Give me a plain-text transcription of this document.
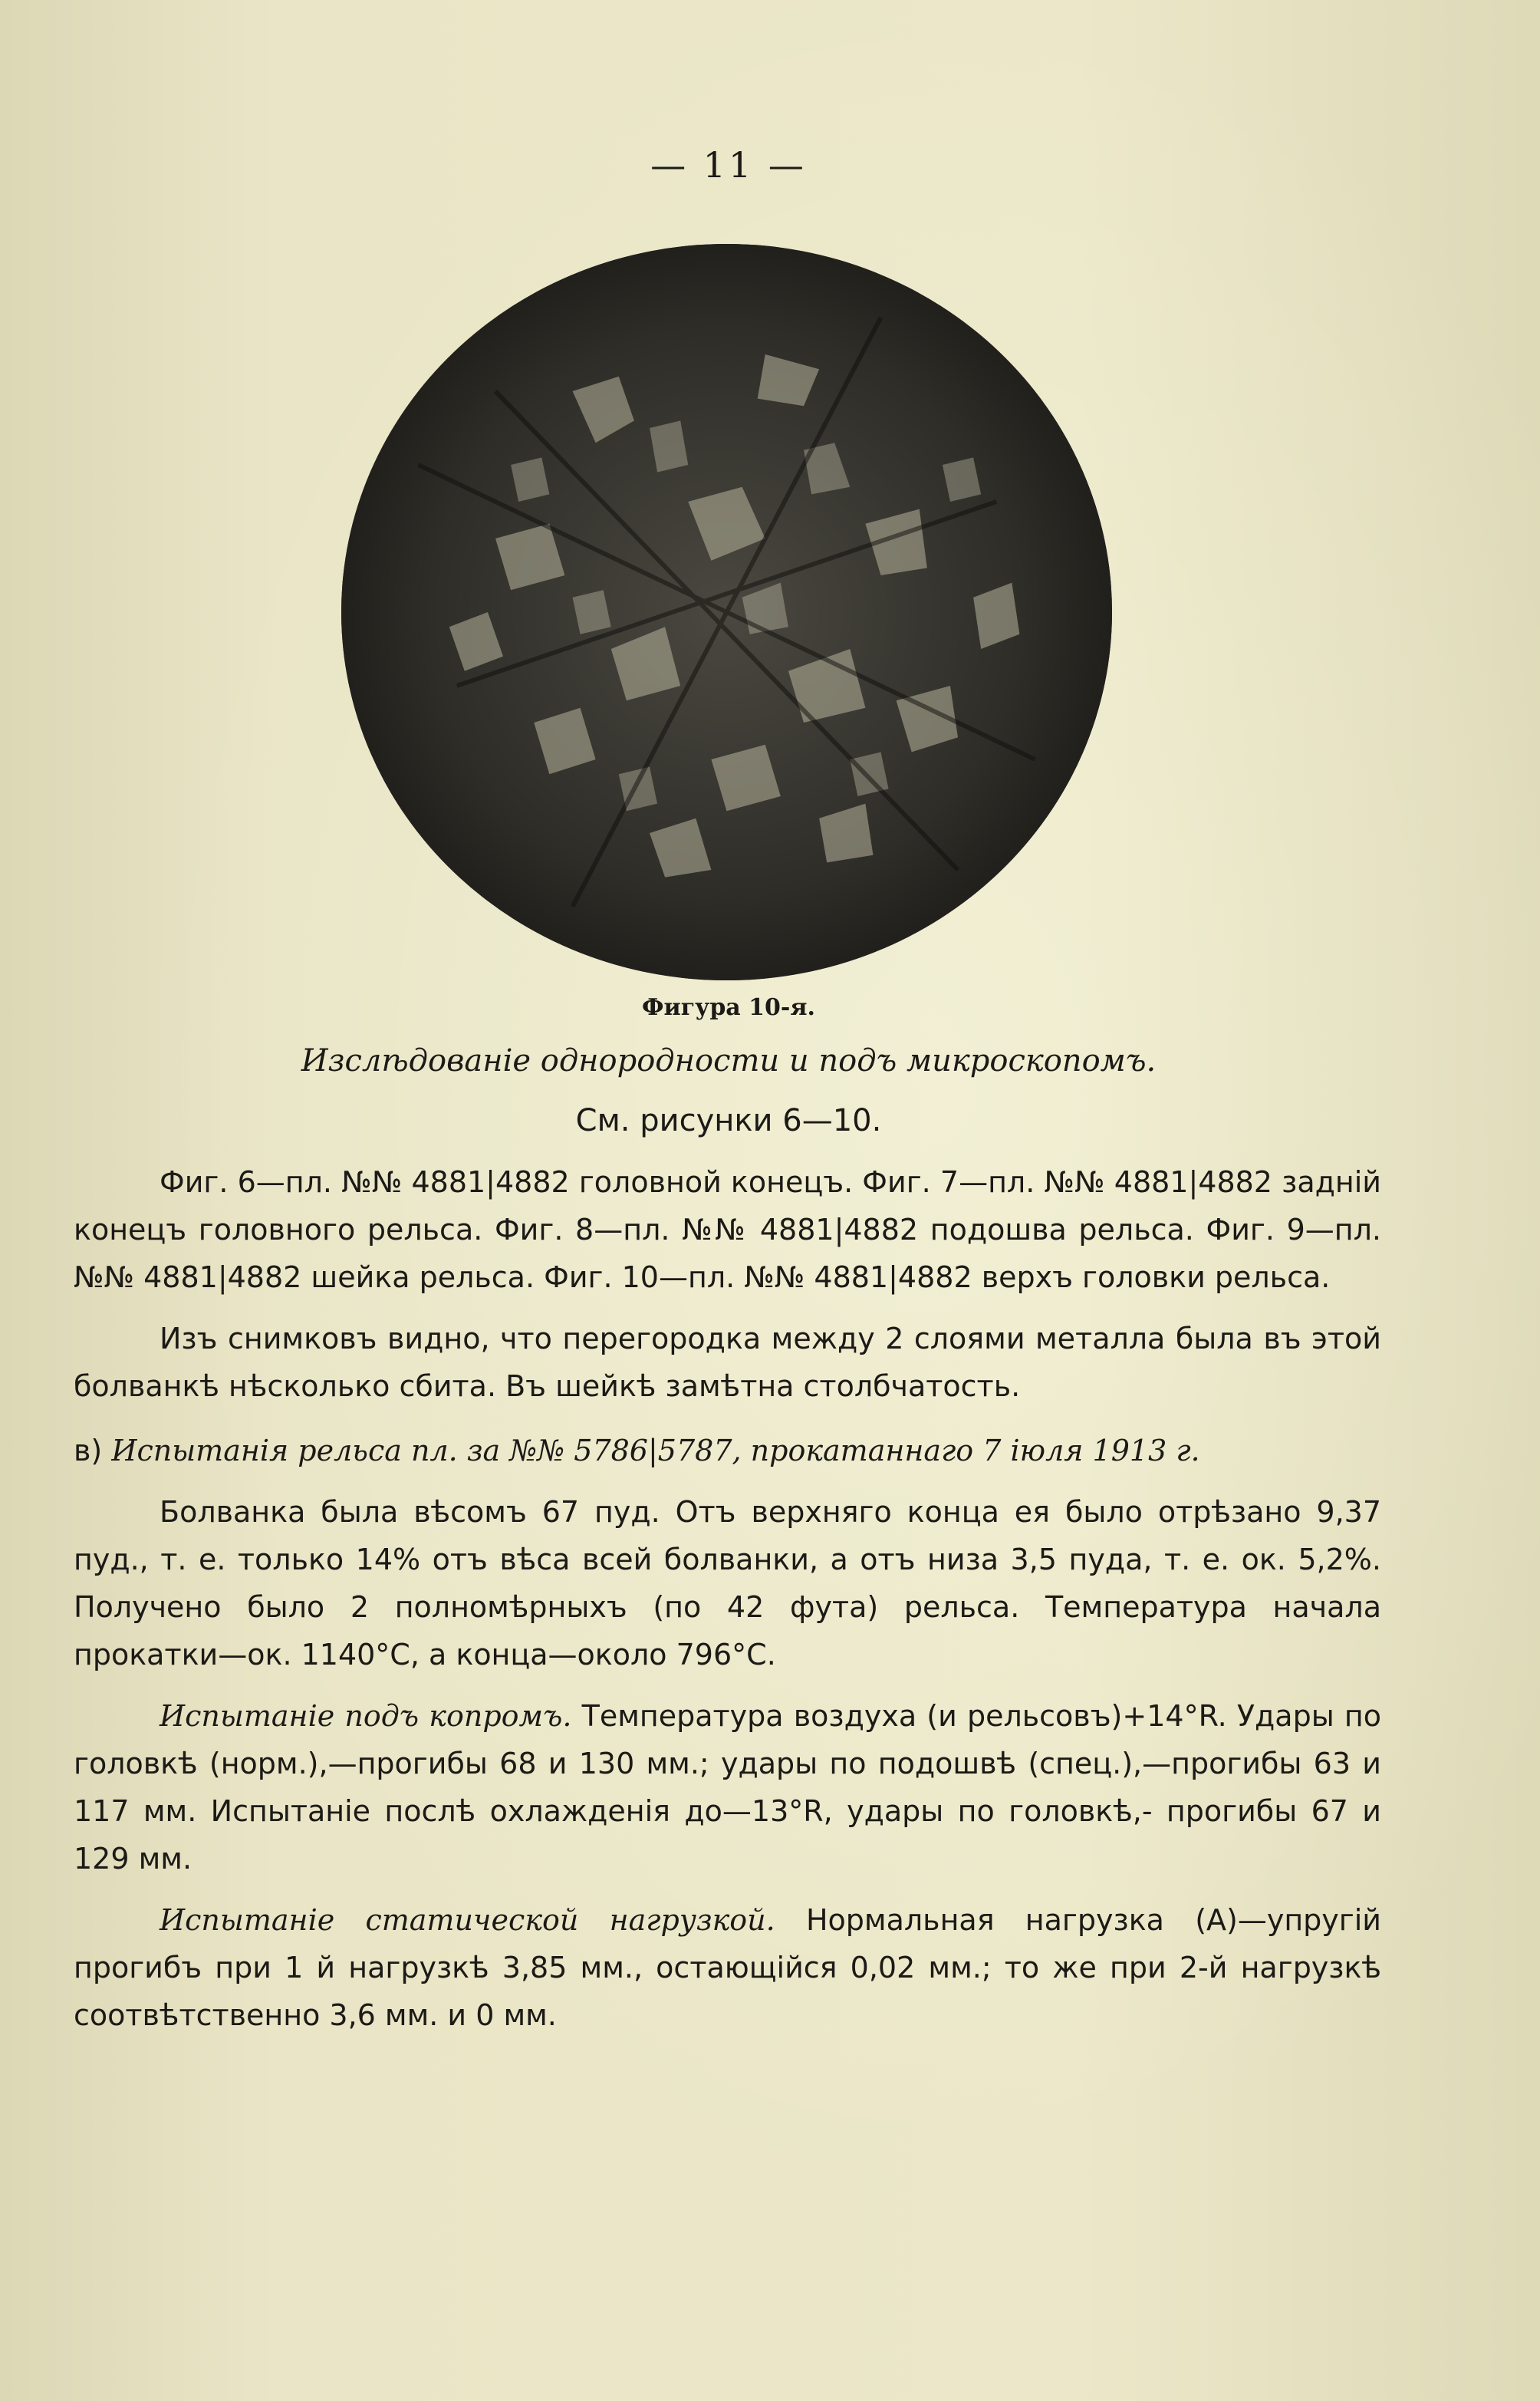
— 11 —
Фигура 10-я.
Изслѣдованіе однородности и подъ микроскопомъ.
См. рисунки 6—10.

Фиг. 6—пл. №№ 4881|4882 головной конецъ. Фиг. 7—пл. №№ 4881|4882 задній конецъ головного рельса. Фиг. 8—пл. №№ 4881|4882 подошва рельса. Фиг. 9—пл. №№ 4881|4882 шейка рельса. Фиг. 10—пл. №№ 4881|4882 верхъ головки рельса.

Изъ снимковъ видно, что перегородка между 2 слоями металла была въ этой болванкѣ нѣсколько сбита. Въ шейкѣ замѣтна столбчатость.

в) Испытанія рельса пл. за №№ 5786|5787, прокатаннаго 7 іюля 1913 г.

Болванка была вѣсомъ 67 пуд. Отъ верхняго конца ея было отрѣзано 9,37 пуд., т. е. только 14% отъ вѣса всей болванки, а отъ низа 3,5 пуда, т. е. ок. 5,2%. Получено было 2 полномѣрныхъ (по 42 фута) рельса. Температура начала прокатки—ок. 1140°С, а конца—около 796°С.

Испытаніе подъ копромъ. Температура воздуха (и рельсовъ)+14°R. Удары по головкѣ (норм.),—прогибы 68 и 130 мм.; удары по подошвѣ (спец.),—прогибы 63 и 117 мм. Испытаніе послѣ охлажденія до—13°R, удары по головкѣ,- прогибы 67 и 129 мм.

Испытаніе статической нагрузкой. Нормальная нагрузка (А)—упругій прогибъ при 1 й нагрузкѣ 3,85 мм., остающійся 0,02 мм.; то же при 2-й нагрузкѣ соотвѣтственно 3,6 мм. и 0 мм.
